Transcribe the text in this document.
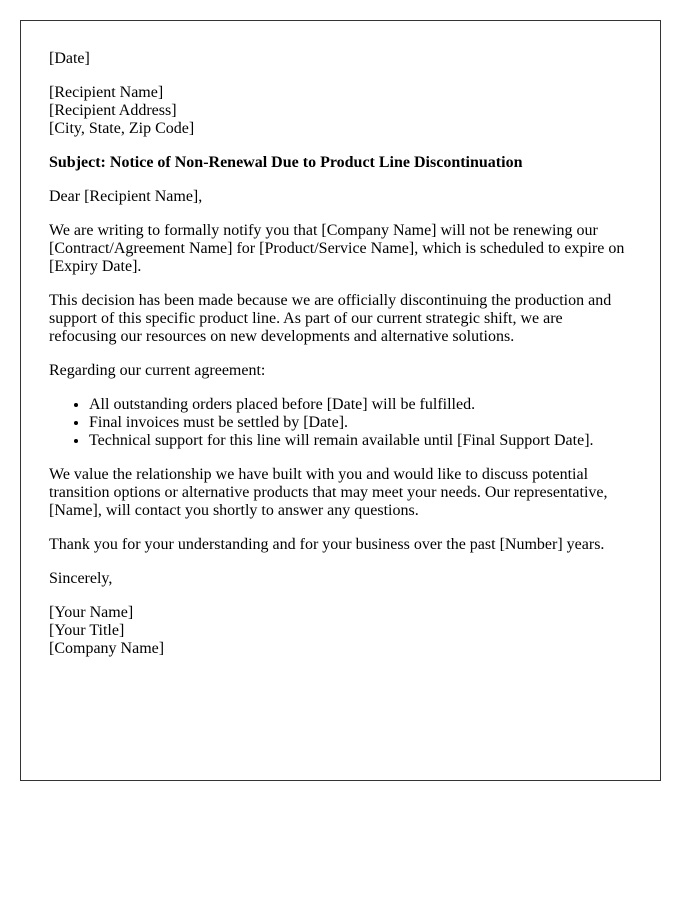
[Date]

[Recipient Name]

[Recipient Address]

[City, State, Zip Code]

Subject: Notice of Non-Renewal Due to Product Line Discontinuation

Dear [Recipient Name],

We are writing to formally notify you that [Company Name] will not be renewing our [Contract/Agreement Name] for [Product/Service Name], which is scheduled to expire on [Expiry Date].

This decision has been made because we are officially discontinuing the production and support of this specific product line. As part of our current strategic shift, we are refocusing our resources on new developments and alternative solutions.

Regarding our current agreement:

• All outstanding orders placed before [Date] will be fulfilled.
• Final invoices must be settled by [Date].
• Technical support for this line will remain available until [Final Support Date].

We value the relationship we have built with you and would like to discuss potential transition options or alternative products that may meet your needs. Our representative, [Name], will contact you shortly to answer any questions.

Thank you for your understanding and for your business over the past [Number] years.

Sincerely,

[Your Name]

[Your Title]

[Company Name]
